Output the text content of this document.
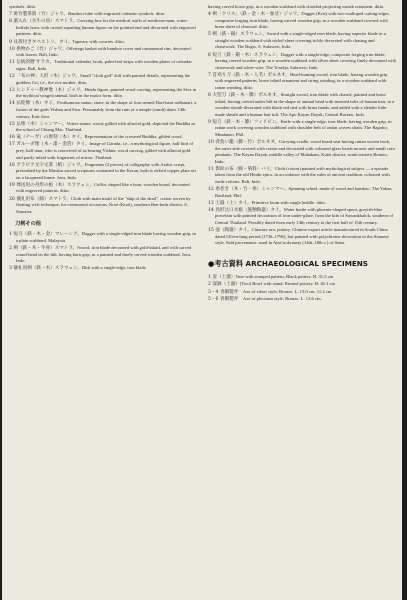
symbols. ditto.
7 斑竹製茶筒（竹）ジャワ。Bamboo-tube with engraved calendar symbols. ditto.
8 薬入れ（水牛の角）スマトラ。Carrying box for the medical stuffs of medicine-man, water-buffalo horn, with carved squatting human figure on the pointed end and decorated with engraved patterns. ditto.
9 貝殻付きタペストリ、タイ。Tapestry with cowries. ditto.
10 供物かご（竹）ジャワ。Offerings basket with bamboo cover and ornamental rim, decorated with leaves. Bali, Indo.
11 伝統的暦 サラカ。Traditional calendar, book, palm-leaf strips with wooden plates of calendar signs. Bali, Indo.
12 「布の神」人形（木）ジャワ。Small "cloth god" doll with painted details, representing the goddess Cri, i.e., the rice mother. ditto.
13 ヒンドゥー教神像（木）ジャワ。Hindu figure, painted wood carving, representing the Siva in the mythical winged animal, both in the motor form. ditto.
14 仏陀像（木）タイ。Posthumous statue, stone, in the shape of four-armed Hari-hara-ardhanari, a fusion of the gods Vishnu and Siva. Presumably from the ruin of a temple (candi) dates 14th century, East Java.
15 仏像（木）ミャンマー。Votive statue, wood, gilded with alluvial gold, depicted the Buddha in the school of Chiang Mai. Thailand.
16 竜（ナーガ）の彫刻（木）タイ。Representation of the crowned Buddha, gilded wood.
17 ガルーダ像（木・漆・金箔）タイ。Image of Garuda, i.e., a mythological figure, half bird of prey, half man, who is conceived of as bearing Vishnu, wood carving, gilded with alluvial gold and partly inlaid with fragments of mirror. Thailand.
18 アラビア文字文書（紙）ジャワ。Fragments (2 pieces) of calligraphy with Arabic script, prescribed by the Muslim sacred scriptures contained in the Koran, both is etched copper plate set on a lacquered frame. Java, Indo.
19 葬送用の舟形の棺（木）スラウェシ。Coffin, shaped like a boat, wooden board, decorated with engraved patterns. ditto.
20 儀礼用布（綿）スマトラ。Cloth with main motif of the "ship of the dead", cotton woven by floating weft technique, for ceremonial occasions. Kroé (Kroë), southern Ben-kulu district, S. Sumatra.
刀剣その他
1 短刀（鉄・木・金）マレーシア。Dagger with a single-edged iron blade having wooden grip, in a plain scabbard. Malaysia.
2 剣（鉄・木・牛骨）スマトラ。Sword, iron blade decorated with gold-inlaid, and with carved round-head on the hilt, having horn grip, in a painted and finely carved wooden scabbard. Java, Indo.
3 儀礼用剣（鉄・木）スラウェシ。Dirk with a single-edge, iron blade
having carved horse grip, in a wooden scabbard with chiseled projecting mouth ornament. ditto.
4 剣「クリス」（鉄・金・木・象牙）ジャワ。Dagger (Kris) with two-scalloped cutting edges, composite forging iron blade, having carved wooden grip, in a wooden scabbard covered with brass sheet of charcoal. ditto.
5 剣（鉄・銀）スラウェシ。Sword with a single-edged iron blade, having superior blade in a straight wooden scabbard with nickel sheet covering richly decorated with chasing and chasework. The Bugis, S. Sulawesi, Indo.
6 短刀（鉄・銀・木）スラウェシ。Dagger with a single-edge, composite forging iron blade, having carved wooden grip, in a wooden scabbard with silver sheet covering finely decorated with chasework and silver-wire. The Toradja, Sulawesi, Indo.
7 首刈り刀（鉄・木・人毛）ボルネオ。Head-hunting sword, iron blade, having wooden grip with engraved patterns, horse inlaid ornament and string winding, in a wooden scabbard with rattan winding. ditto.
8 大型刀（鉄・木・籐）ボルネオ。Straight sword, iron blade with chased, painted and brass inlaid, having carved antler hilt in the shape of animal head with inserted tufts of human hair, in a wooden sheath decorated with black-red tied with brass bands, and added with a slender hide-made sheath and a human hair tuft. The Apo Kayan Dayak, Central Borneo, Indo.
9 短刀（鉄・木・籐）フィリピン。Knife with a single-edge, iron blade, having wooden grip, in rattan work covering wooden scabbard with shoulder belt of rattan woven chain. The Bagobo, Mindanao, Phil.
10 背負い籠（籐・竹）ボルネオ。Carrying-cradle, wood board seat having rattan woven back, the outer side covered with cotton and decorated with coloured glass beads mosaic and small coin pendants. The Kayan Dayak, middle valley of Mahakam, Kutei district, south-eastern Borneo, Indo.
11 影絵の布（綿・染料）バリ。Cloth (cotton) painted with mythological subject — a episode taken from the old Hindu epics, in accordance with the rules of ancient tradition, coloured with earth-colours. Bali, Indo.
12 糸巻き（木・竹・糸）ミャンマー。Spinning wheel, made of wood and bamboo. The Yakan, Basiland, Phil.
13 土器（土）タイ。Primitive loom with single heddle. ditto.
14 鳥形注口水瓶（施釉陶器）タイ。Water bottle with phoenix-shaped spout, greyish-blue porcelain with painted decoration of iron under-glaze, from the kiln of Sawankhalok, southern of Central Thailand. Possibly dated from early 14th century to the first half of 15th century.
15 壺（陶器）タイ。Cinerary urn, pottery. Chinese export article manufactured in South China dated Ch'ien-lung period (1736–1796), but painted with polychrome decoration in the Siamese style. Said provenance: used in Ayut'ia dynasty (14th–18th c.) of Siam.
●考古資料 ARCHAEOLOGICAL SPECIMENS
1 壺（土器）Vase with stamped pattern, Black pottery. H. 31.5 cm
2 深鉢（土器）(Two) Bowl with stand, Painted pottery. H. 26.1 cm
3・4 青銅製斧　Axe of silver style, Bronze. L. 13.0 cm, 11.2 cm
5・6 青銅製斧　Axe of plectrum style, Bronze. L. 13.6 cm,
